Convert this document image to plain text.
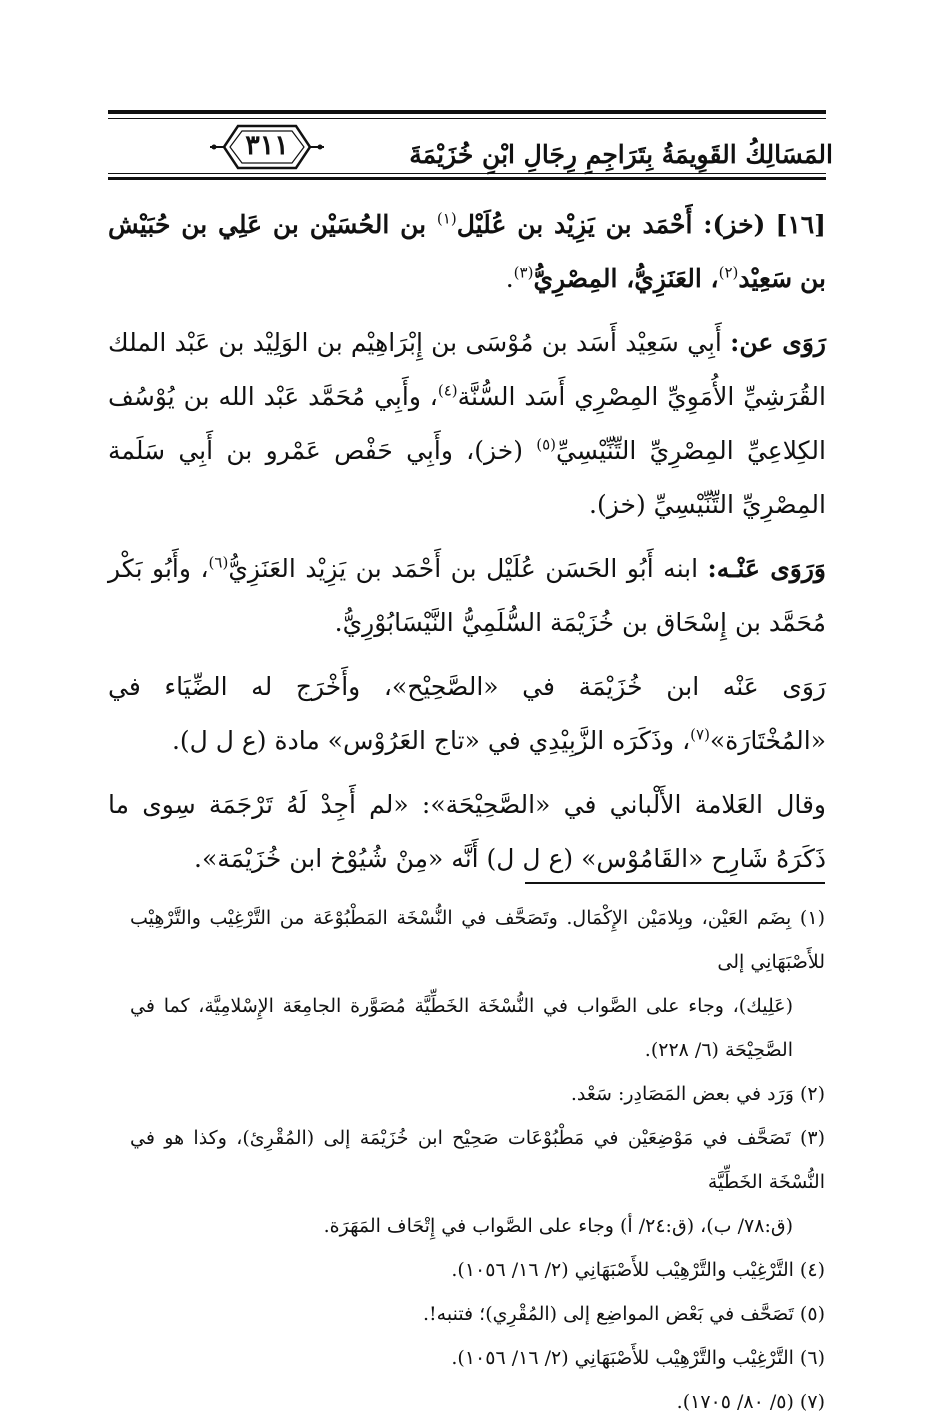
المَسَالِكُ القَوِيمَةُ بِتَرَاجِمِ رِجَالِ ابْنِ خُزَيْمَةَ
٣١١

[١٦] (خز): أَحْمَد بن يَزِيْد بن عُلَيْل$^{(١)}$ بن الحُسَيْن بن عَلِي بن حُبَيْش بن سَعِيْد$^{(٢)}$، العَنَزِيُّ، المِصْرِيُّ$^{(٣)}$.

رَوَى عن: أَبِي سَعِيْد أَسَد بن مُوْسَى بن إِبْرَاهِيْم بن الوَلِيْد بن عَبْد الملك القُرَشِيِّ الأُمَوِيِّ المِصْرِي أَسَد السُّنَّة$^{(٤)}$، وأَبِي مُحَمَّد عَبْد الله بن يُوْسُف الكِلاعِيِّ المِصْرِيِّ التِّنِّيْسِيِّ$^{(٥)}$ (خز)، وأَبِي حَفْص عَمْرو بن أَبِي سَلَمة المِصْرِيِّ التِّنِّيْسِيِّ (خز).

وَرَوَى عَنْـه: ابنه أَبُو الحَسَن عُلَيْل بن أَحْمَد بن يَزِيْد العَنَزِيُّ$^{(٦)}$، وأَبُو بَكْر مُحَمَّد بن إِسْحَاق بن خُزَيْمَة السُّلَمِيُّ النَّيْسَابُوْرِيُّ.

رَوَى عَنْه ابن خُزَيْمَة في «الصَّحِيْح»، وأَخْرَج له الضِّيَاء في «المُخْتَارَة»$^{(٧)}$، وذَكَرَه الزَّبِيْدِي في «تاج العَرُوْس» مادة (ع ل ل).

وقال العَلامة الأَلْباني في «الصَّحِيْحَة»: «لم أَجِدْ لَهُ تَرْجَمَة سِوى ما ذَكَرَهُ شَارِح «القَامُوْس» (ع ل ل) أَنَّه «مِنْ شُيُوْخ ابن خُزَيْمَة».

(١) بِضَم العَيْن، وبِلامَيْن الإِكْمَال. وتَصَحَّف في النُّسْخَة المَطْبُوْعَة من التَّرْغِيْب والتَّرْهِيْب للأَصْبَهَانِي إلى

(عَلِيك)، وجاء على الصَّواب في النُّسْخَة الخَطِّيَّة مُصَوَّرة الجامِعَة الإِسْلامِيَّة، كما في الصَّحِيْحَة (٦/ ٢٢٨).

(٢) وَرَد في بعض المَصَادِر: سَعْد.

(٣) تَصَحَّف في مَوْضِعَيْن في مَطْبُوْعَات صَحِيْح ابن خُزَيْمَة إلى (المُقْرِئ)، وكذا هو في النُّسْخَة الخَطِّيَّة

(ق:٧٨/ ب)، (ق:٢٤/ أ) وجاء على الصَّواب في إِتْحَاف المَهَرَة.

(٤) التَّرْغِيْب والتَّرْهِيْب للأَصْبَهَانِي (٢/ ١٦/ ١٠٥٦).

(٥) تَصَحَّف في بَعْض المواضِع إلى (المُقْرِي)؛ فتنبه!.

(٦) التَّرْغِيْب والتَّرْهِيْب للأَصْبَهَانِي (٢/ ١٦/ ١٠٥٦).

(٧) (٥/ ٨٠/ ١٧٠٥).
